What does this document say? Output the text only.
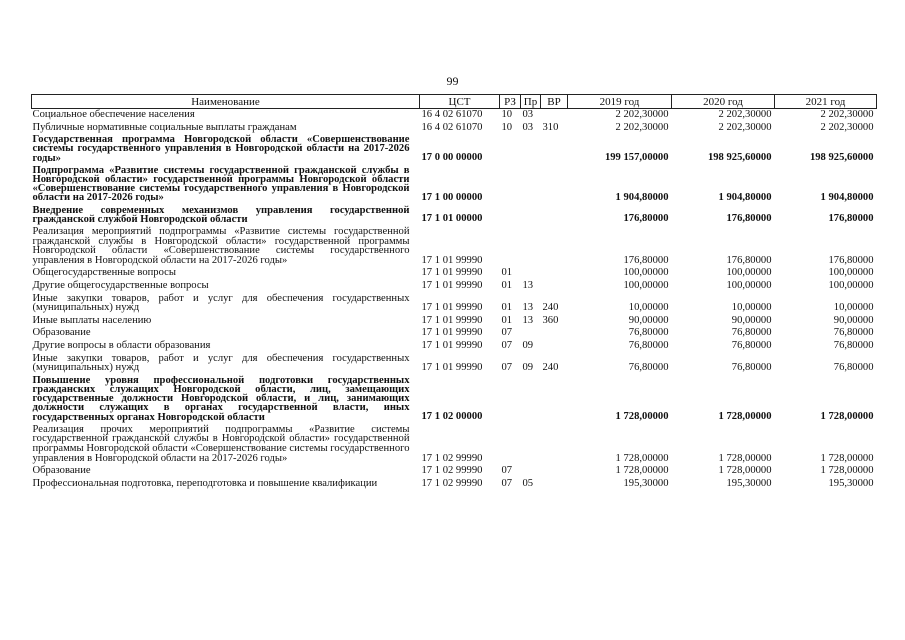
99
Наименование	ЦСТ	РЗ	Пр	ВР	2019 год	2020 год	2021 год
Социальное обеспечение населения	16 4 02 61070	10	03		2 202,30000	2 202,30000	2 202,30000
Публичные нормативные социальные выплаты гражданам	16 4 02 61070	10	03	310	2 202,30000	2 202,30000	2 202,30000
Государственная программа Новгородской области «Совершенствование системы государственного управления в Новгородской области на 2017-2026 годы»	17 0 00 00000				199 157,00000	198 925,60000	198 925,60000
Подпрограмма «Развитие системы государственной гражданской службы в Новгородской области» государственной программы Новгородской области «Совершенствование системы государственного управления в Новгородской области на 2017-2026 годы»	17 1 00 00000				1 904,80000	1 904,80000	1 904,80000
Внедрение современных механизмов управления государственной гражданской службой Новгородской области	17 1 01 00000				176,80000	176,80000	176,80000
Реализация мероприятий подпрограммы «Развитие системы государственной гражданской службы в Новгородской области» государственной программы Новгородской области «Совершенствование системы государственного управления в Новгородской области на 2017-2026 годы»	17 1 01 99990				176,80000	176,80000	176,80000
Общегосударственные вопросы	17 1 01 99990	01			100,00000	100,00000	100,00000
Другие общегосударственные вопросы	17 1 01 99990	01	13		100,00000	100,00000	100,00000
Иные закупки товаров, работ и услуг для обеспечения государственных (муниципальных) нужд	17 1 01 99990	01	13	240	10,00000	10,00000	10,00000
Иные выплаты населению	17 1 01 99990	01	13	360	90,00000	90,00000	90,00000
Образование	17 1 01 99990	07			76,80000	76,80000	76,80000
Другие вопросы в области образования	17 1 01 99990	07	09		76,80000	76,80000	76,80000
Иные закупки товаров, работ и услуг для обеспечения государственных (муниципальных) нужд	17 1 01 99990	07	09	240	76,80000	76,80000	76,80000
Повышение уровня профессиональной подготовки государственных гражданских служащих Новгородской области, лиц, замещающих государственные должности Новгородской области, и лиц, занимающих должности служащих в органах государственной власти, иных государственных органах Новгородской области	17 1 02 00000				1 728,00000	1 728,00000	1 728,00000
Реализация прочих мероприятий подпрограммы «Развитие системы государственной гражданской службы в Новгородской области» государственной программы Новгородской области «Совершенствование системы государственного управления в Новгородской области на 2017-2026 годы»	17 1 02 99990				1 728,00000	1 728,00000	1 728,00000
Образование	17 1 02 99990	07			1 728,00000	1 728,00000	1 728,00000
Профессиональная подготовка, переподготовка и повышение квалификации	17 1 02 99990	07	05		195,30000	195,30000	195,30000
